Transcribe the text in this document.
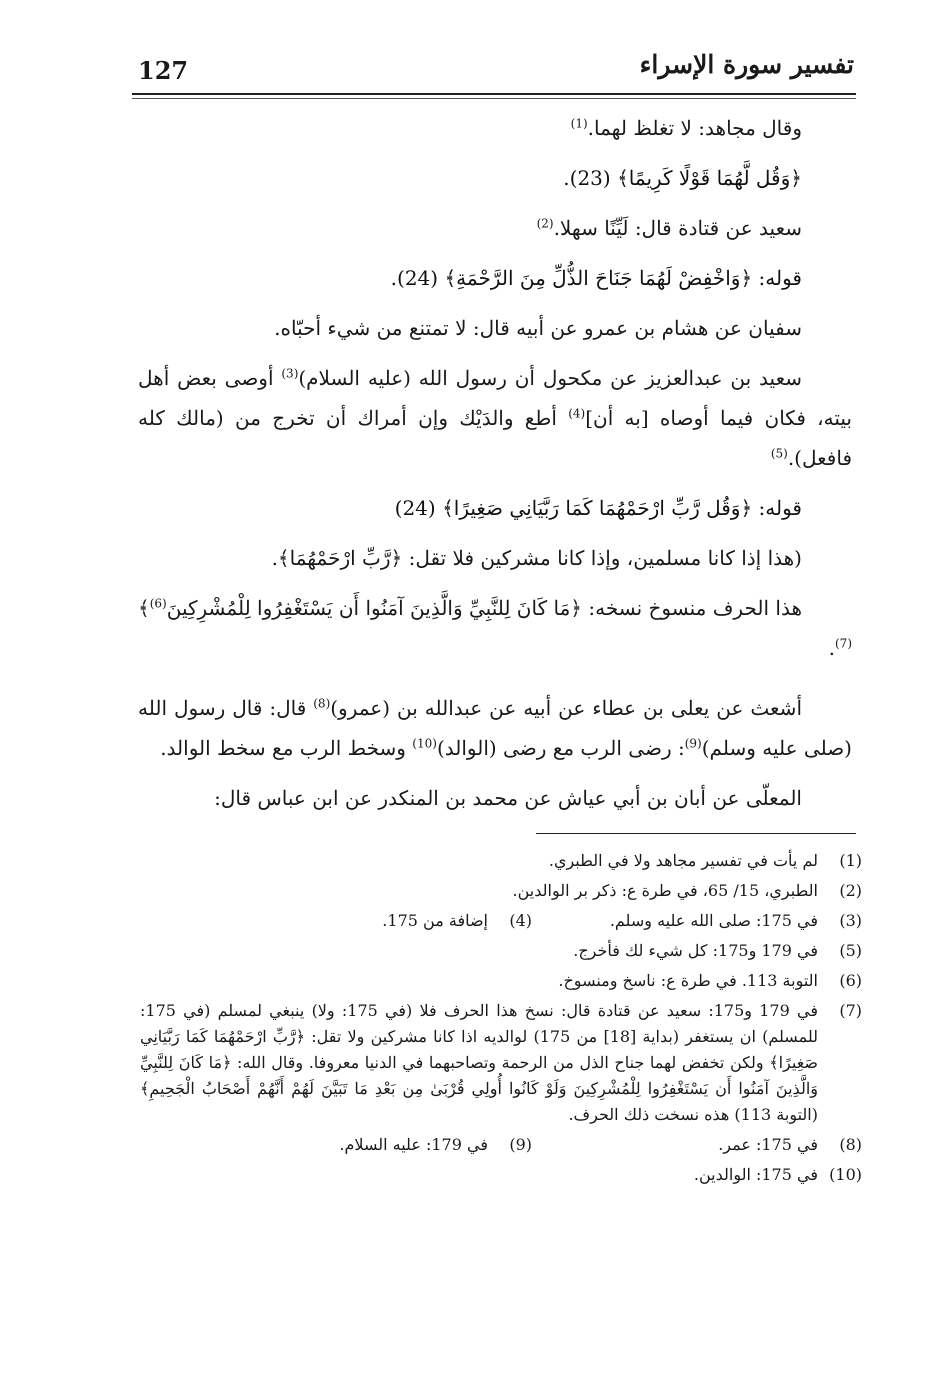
127	تفسير سورة الإسراء

وقال مجاهد: لا تغلظ لهما.$^{(1)}$

﴿وَقُل لَّهُمَا قَوْلًا كَرِيمًا﴾ (23).

سعيد عن قتادة قال: لَيِّنًا سهلا.$^{(2)}$

قوله: ﴿وَاخْفِضْ لَهُمَا جَنَاحَ الذُّلِّ مِنَ الرَّحْمَةِ﴾ (24).

سفيان عن هشام بن عمرو عن أبيه قال: لا تمتنع من شيء أحبّاه.

سعيد بن عبدالعزيز عن مكحول أن رسول الله (عليه السلام)$^{(3)}$ أوصى بعض أهل بيته، فكان فيما أوصاه [به أن]$^{(4)}$ أطع والدَيْك وإن أمراك أن تخرج من (مالك كله فافعل).$^{(5)}$

قوله: ﴿وَقُل رَّبِّ ارْحَمْهُمَا كَمَا رَبَّيَانِي صَغِيرًا﴾ (24)

(هذا إذا كانا مسلمين، وإذا كانا مشركين فلا تقل: ﴿رَّبِّ ارْحَمْهُمَا﴾.

هذا الحرف منسوخ نسخه: ﴿مَا كَانَ لِلنَّبِيِّ وَالَّذِينَ آمَنُوا أَن يَسْتَغْفِرُوا لِلْمُشْرِكِينَ$^{(6)}$﴾$^{(7)}$.

أشعث عن يعلى بن عطاء عن أبيه عن عبدالله بن (عمرو)$^{(8)}$ قال: قال رسول الله (صلى عليه وسلم)$^{(9)}$: رضى الرب مع رضى (الوالد)$^{(10)}$ وسخط الرب مع سخط الوالد.

المعلّى عن أبان بن أبي عياش عن محمد بن المنكدر عن ابن عباس قال:

(1)
لم يأت في تفسير مجاهد ولا في الطبري.
(2)
الطبري، 15/ 65، في طرة ع: ذكر بر الوالدين.
(3)
في 175: صلى الله عليه وسلم.
(4)
إضافة من 175.
(5)
في 179 و175: كل شيء لك فأخرج.
(6)
التوبة 113. في طرة ع: ناسخ ومنسوخ.
(7)
في 179 و175: سعيد عن قتادة قال: نسخ هذا الحرف فلا (في 175: ولا) ينبغي لمسلم (في 175: للمسلم) ان يستغفر (بداية [18] من 175) لوالديه اذا كانا مشركين ولا تقل: ﴿رَّبِّ ارْحَمْهُمَا كَمَا رَبَّيَانِي صَغِيرًا﴾ ولكن تخفض لهما جناح الذل من الرحمة وتصاحبهما في الدنيا معروفا. وقال الله: ﴿مَا كَانَ لِلنَّبِيِّ وَالَّذِينَ آمَنُوا أَن يَسْتَغْفِرُوا لِلْمُشْرِكِينَ وَلَوْ كَانُوا أُولِي قُرْبَىٰ مِن بَعْدِ مَا تَبَيَّنَ لَهُمْ أَنَّهُمْ أَصْحَابُ الْجَحِيمِ﴾ (التوبة 113) هذه نسخت ذلك الحرف.
(8)
في 175: عمر.
(9)
في 179: عليه السلام.
(10)
في 175: الوالدين.
